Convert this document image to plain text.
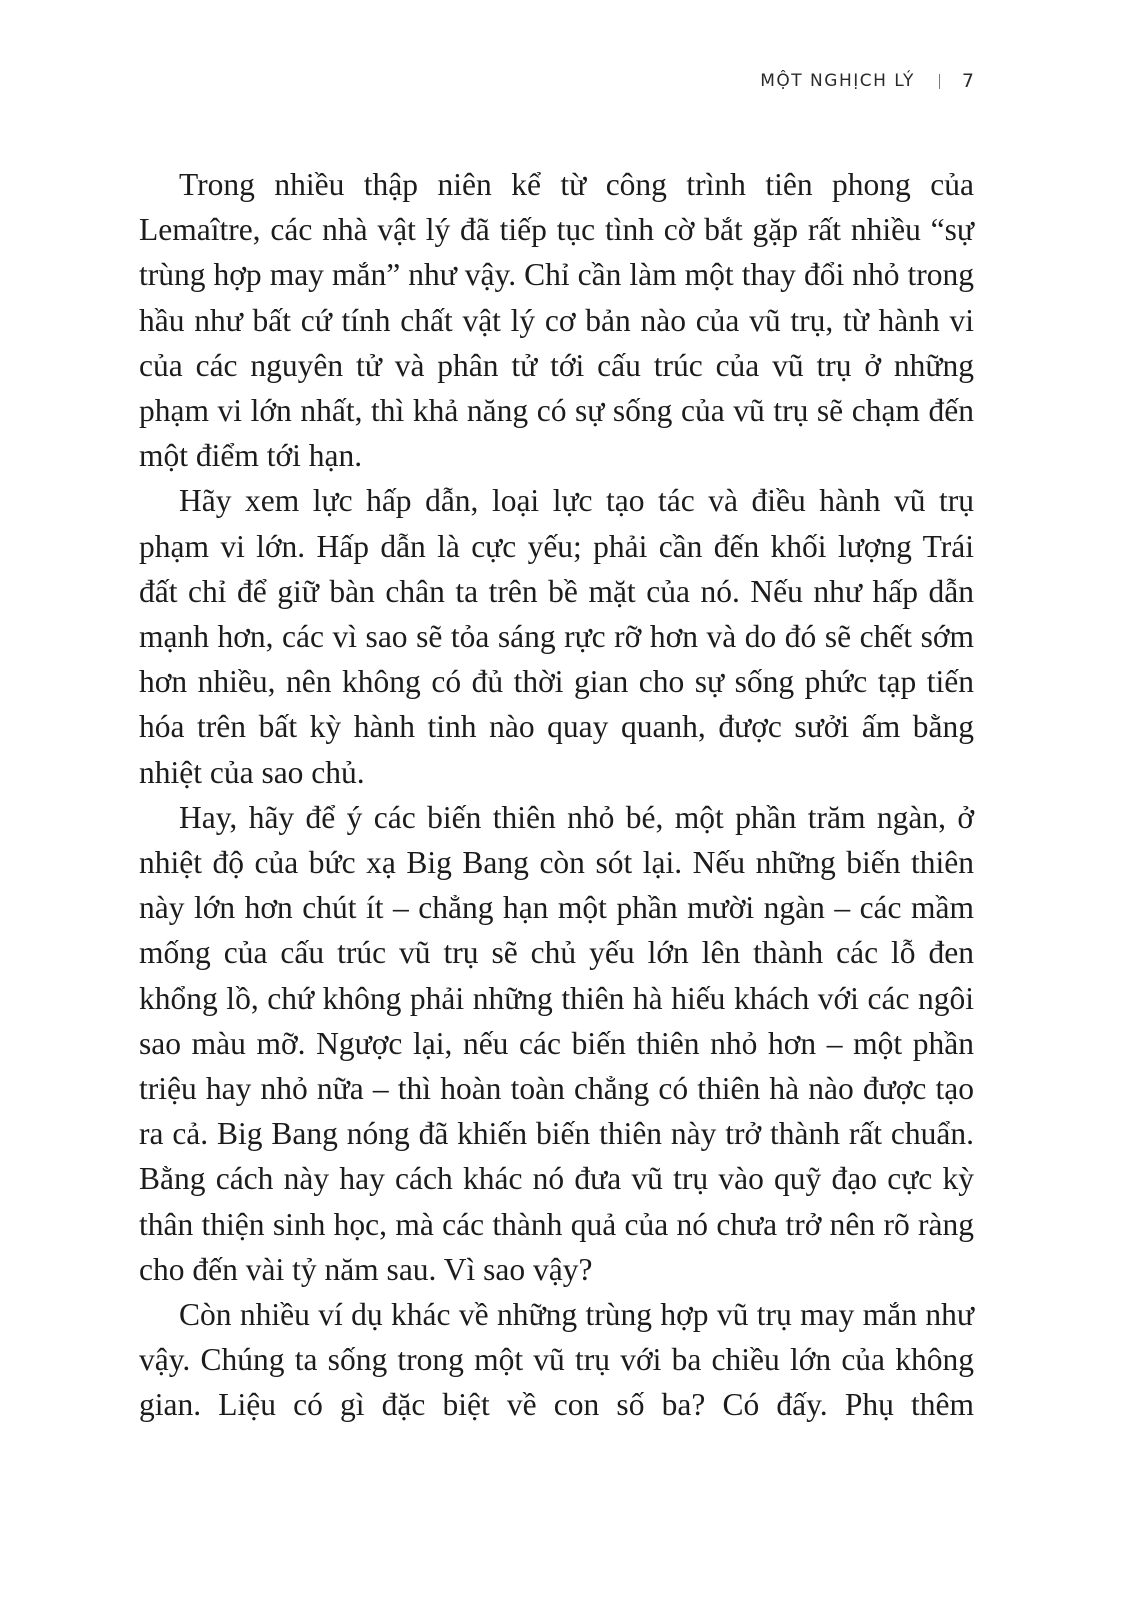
MỘT NGHỊCH LÝ 7

Trong nhiều thập niên kể từ công trình tiên phong của Lemaître, các nhà vật lý đã tiếp tục tình cờ bắt gặp rất nhiều “sự trùng hợp may mắn” như vậy. Chỉ cần làm một thay đổi nhỏ trong hầu như bất cứ tính chất vật lý cơ bản nào của vũ trụ, từ hành vi của các nguyên tử và phân tử tới cấu trúc của vũ trụ ở những phạm vi lớn nhất, thì khả năng có sự sống của vũ trụ sẽ chạm đến một điểm tới hạn.

Hãy xem lực hấp dẫn, loại lực tạo tác và điều hành vũ trụ phạm vi lớn. Hấp dẫn là cực yếu; phải cần đến khối lượng Trái đất chỉ để giữ bàn chân ta trên bề mặt của nó. Nếu như hấp dẫn mạnh hơn, các vì sao sẽ tỏa sáng rực rỡ hơn và do đó sẽ chết sớm hơn nhiều, nên không có đủ thời gian cho sự sống phức tạp tiến hóa trên bất kỳ hành tinh nào quay quanh, được sưởi ấm bằng nhiệt của sao chủ.

Hay, hãy để ý các biến thiên nhỏ bé, một phần trăm ngàn, ở nhiệt độ của bức xạ Big Bang còn sót lại. Nếu những biến thiên này lớn hơn chút ít – chẳng hạn một phần mười ngàn – các mầm mống của cấu trúc vũ trụ sẽ chủ yếu lớn lên thành các lỗ đen khổng lồ, chứ không phải những thiên hà hiếu khách với các ngôi sao màu mỡ. Ngược lại, nếu các biến thiên nhỏ hơn – một phần triệu hay nhỏ nữa – thì hoàn toàn chẳng có thiên hà nào được tạo ra cả. Big Bang nóng đã khiến biến thiên này trở thành rất chuẩn. Bằng cách này hay cách khác nó đưa vũ trụ vào quỹ đạo cực kỳ thân thiện sinh học, mà các thành quả của nó chưa trở nên rõ ràng cho đến vài tỷ năm sau. Vì sao vậy?

Còn nhiều ví dụ khác về những trùng hợp vũ trụ may mắn như vậy. Chúng ta sống trong một vũ trụ với ba chiều lớn của không gian. Liệu có gì đặc biệt về con số ba? Có đấy. Phụ thêm
